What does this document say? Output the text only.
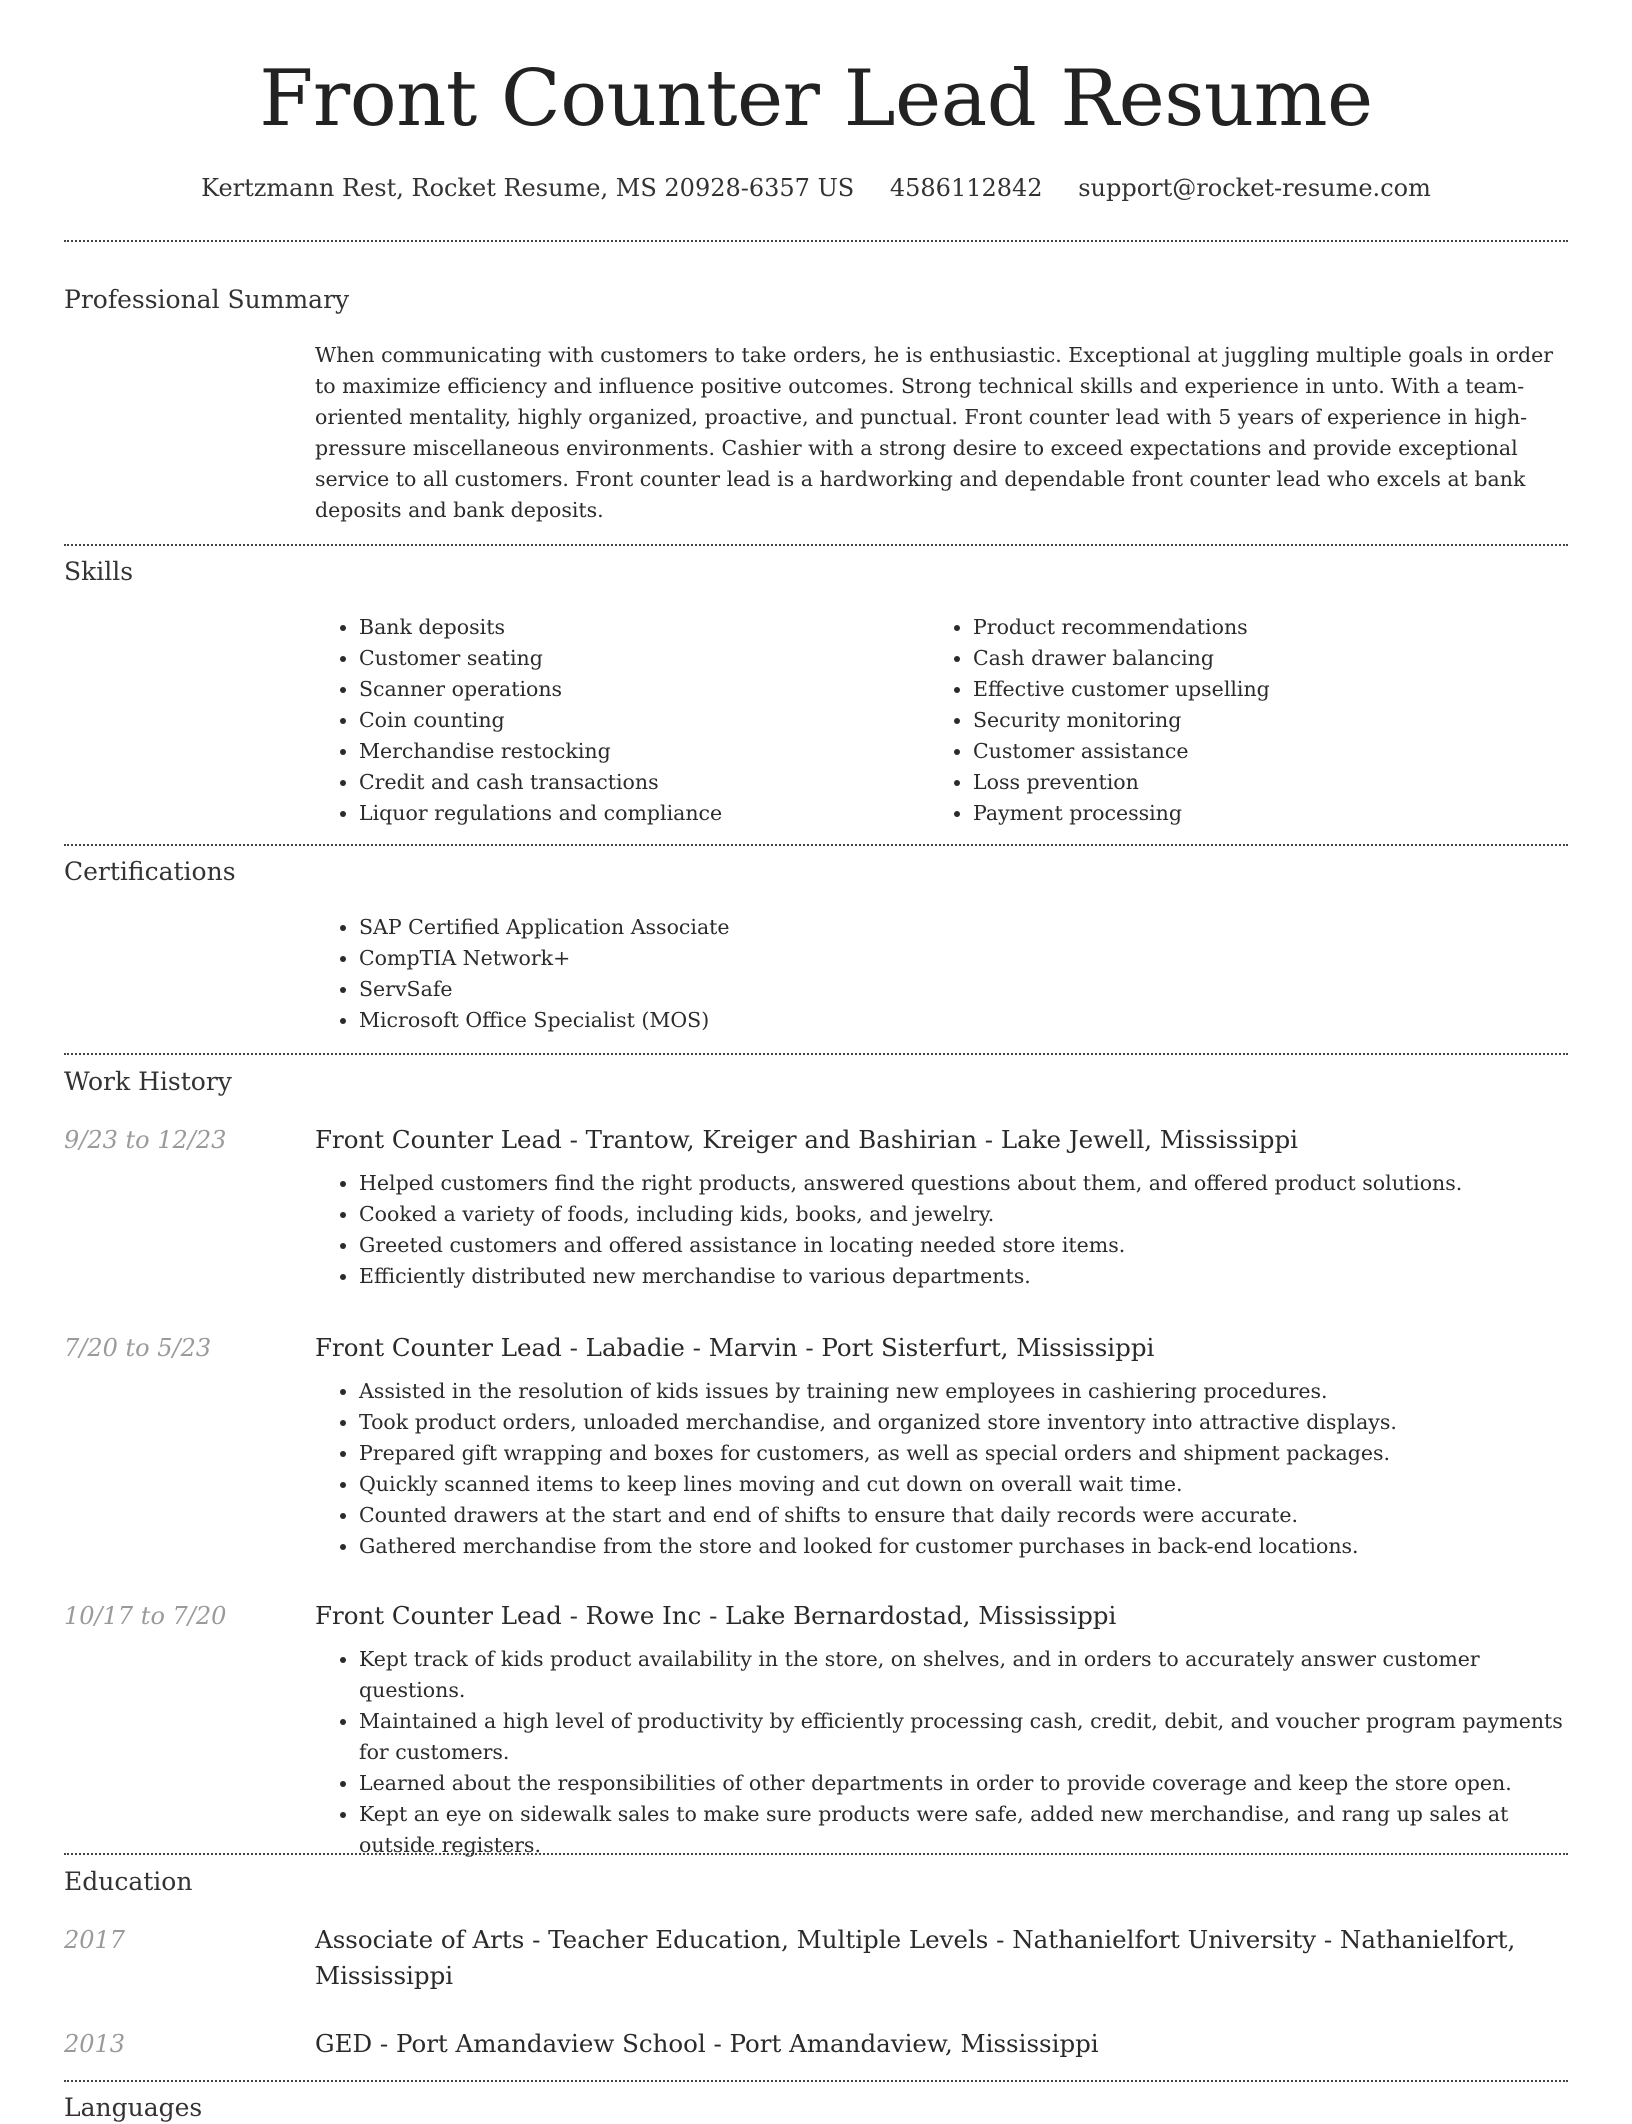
Front Counter Lead Resume
Kertzmann Rest, Rocket Resume, MS 20928-6357 US 4586112842 support@rocket-resume.com
Professional Summary

When communicating with customers to take orders, he is enthusiastic. Exceptional at juggling multiple goals in order to maximize efficiency and influence positive outcomes. Strong technical skills and experience in unto. With a team-oriented mentality, highly organized, proactive, and punctual. Front counter lead with 5 years of experience in high-pressure miscellaneous environments. Cashier with a strong desire to exceed expectations and provide exceptional service to all customers. Front counter lead is a hardworking and dependable front counter lead who excels at bank deposits and bank deposits.

Skills
• Bank deposits
• Customer seating
• Scanner operations
• Coin counting
• Merchandise restocking
• Credit and cash transactions
• Liquor regulations and compliance
• Product recommendations
• Cash drawer balancing
• Effective customer upselling
• Security monitoring
• Customer assistance
• Loss prevention
• Payment processing
Certifications
• SAP Certified Application Associate
• CompTIA Network+
• ServSafe
• Microsoft Office Specialist (MOS)
Work History
9/23 to 12/23	Front Counter Lead - Trantow, Kreiger and Bashirian - Lake Jewell, Mississippi
• Helped customers find the right products, answered questions about them, and offered product solutions.
• Cooked a variety of foods, including kids, books, and jewelry.
• Greeted customers and offered assistance in locating needed store items.
• Efficiently distributed new merchandise to various departments.
7/20 to 5/23	Front Counter Lead - Labadie - Marvin - Port Sisterfurt, Mississippi
• Assisted in the resolution of kids issues by training new employees in cashiering procedures.
• Took product orders, unloaded merchandise, and organized store inventory into attractive displays.
• Prepared gift wrapping and boxes for customers, as well as special orders and shipment packages.
• Quickly scanned items to keep lines moving and cut down on overall wait time.
• Counted drawers at the start and end of shifts to ensure that daily records were accurate.
• Gathered merchandise from the store and looked for customer purchases in back-end locations.
10/17 to 7/20	Front Counter Lead - Rowe Inc - Lake Bernardostad, Mississippi
• Kept track of kids product availability in the store, on shelves, and in orders to accurately answer customer questions.
• Maintained a high level of productivity by efficiently processing cash, credit, debit, and voucher program payments for customers.
• Learned about the responsibilities of other departments in order to provide coverage and keep the store open.
• Kept an eye on sidewalk sales to make sure products were safe, added new merchandise, and rang up sales at outside registers.
Education
2017	Associate of Arts - Teacher Education, Multiple Levels - Nathanielfort University - Nathanielfort, Mississippi
2013	GED - Port Amandaview School - Port Amandaview, Mississippi
Languages
